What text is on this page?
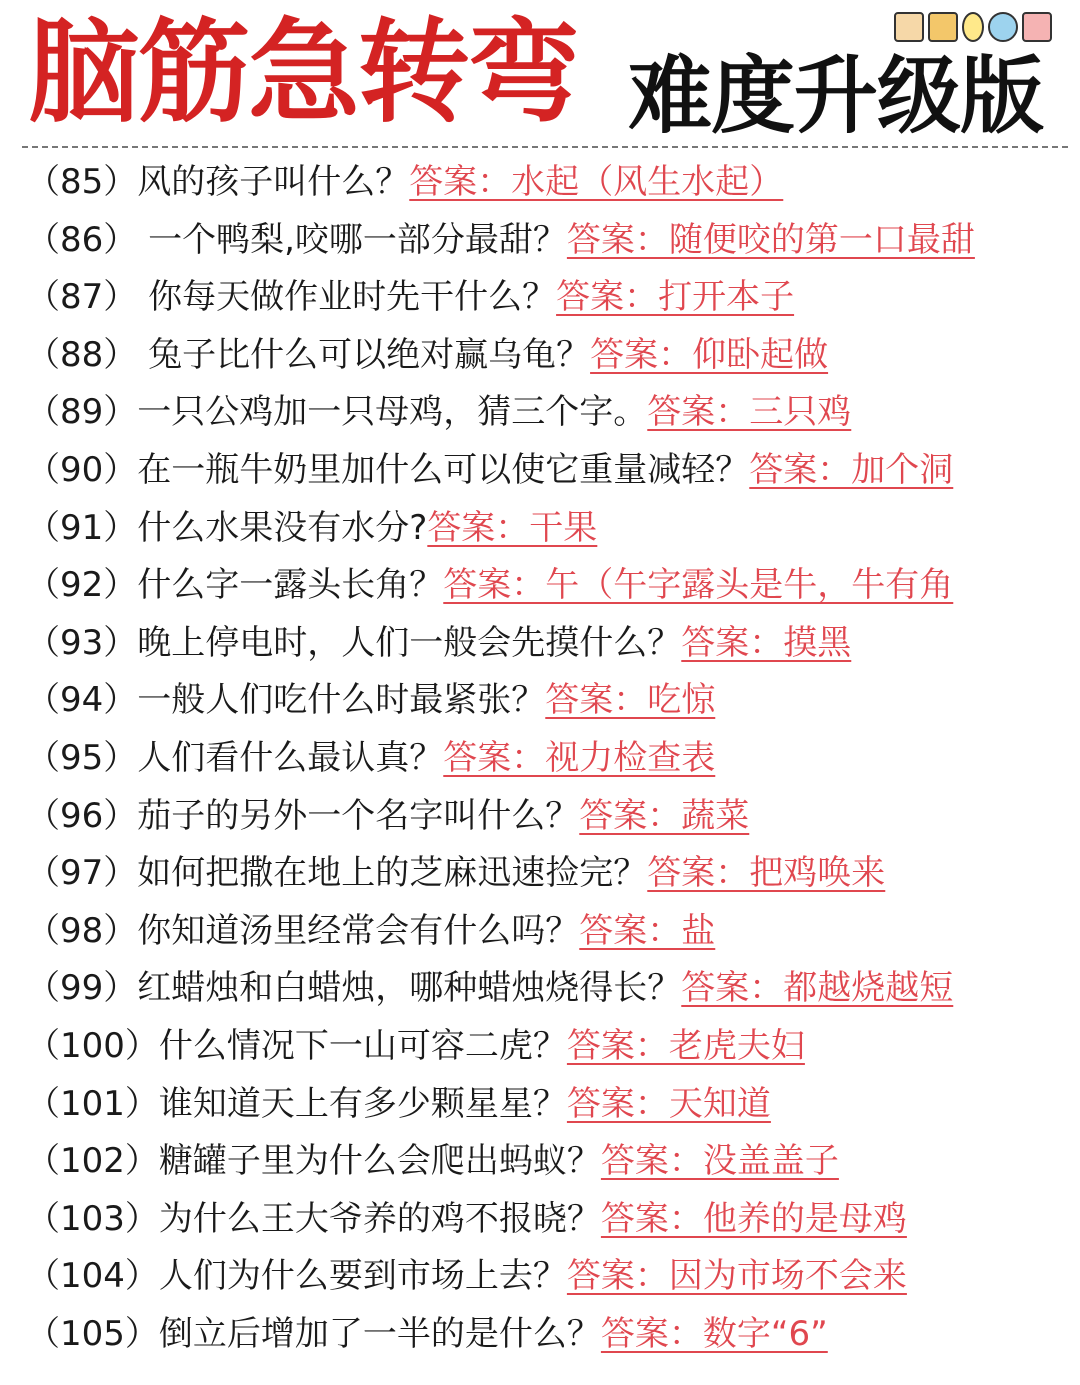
脑筋急转弯 难度升级版
（85）风的孩子叫什么？答案：水起（风生水起）
（86） 一个鸭梨,咬哪一部分最甜？答案：随便咬的第一口最甜
（87） 你每天做作业时先干什么？答案：打开本子
（88） 兔子比什么可以绝对赢乌龟？答案：仰卧起做
（89）一只公鸡加一只母鸡，猜三个字。答案：三只鸡
（90）在一瓶牛奶里加什么可以使它重量减轻？答案：加个洞
（91）什么水果没有水分?答案：干果
（92）什么字一露头长角？答案：午（午字露头是牛，牛有角
（93）晚上停电时，人们一般会先摸什么？答案：摸黑
（94）一般人们吃什么时最紧张？答案：吃惊
（95）人们看什么最认真？答案：视力检查表
（96）茄子的另外一个名字叫什么？答案：蔬菜
（97）如何把撒在地上的芝麻迅速捡完？答案：把鸡唤来
（98）你知道汤里经常会有什么吗？答案：盐
（99）红蜡烛和白蜡烛，哪种蜡烛烧得长？答案：都越烧越短
（100）什么情况下一山可容二虎？答案：老虎夫妇
（101）谁知道天上有多少颗星星？答案：天知道
（102）糖罐子里为什么会爬出蚂蚁？答案：没盖盖子
（103）为什么王大爷养的鸡不报晓？答案：他养的是母鸡
（104）人们为什么要到市场上去？答案：因为市场不会来
（105）倒立后增加了一半的是什么？答案：数字“6”
